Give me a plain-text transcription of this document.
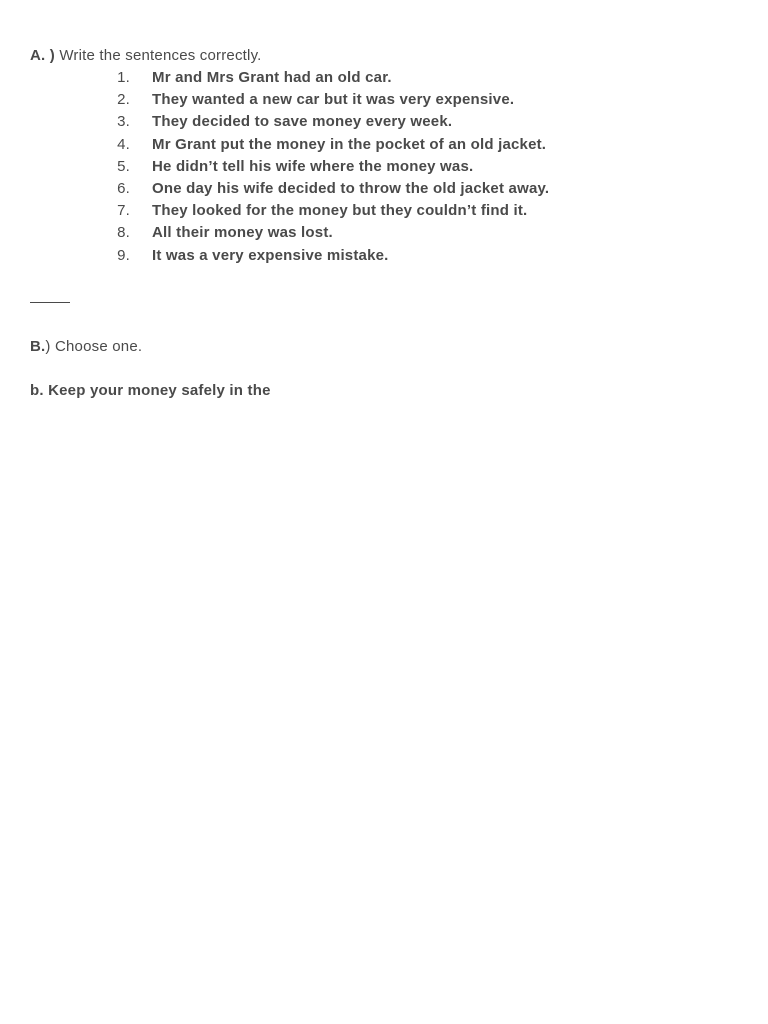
A. ) Write the sentences correctly.
1.	Mr and Mrs Grant had an old car.
2.	They wanted a new car but it was very expensive.
3.	They decided to save money every week.
4.	Mr Grant put the money in the pocket of an old jacket.
5.	He didn’t tell his wife where the money was.
6.	One day his wife decided to throw the old jacket away.
7.	They looked for the money but they couldn’t find it.
8.	All their money was lost.
9.	It was a very expensive mistake.
B.) Choose one.
b. Keep your money safely in the
